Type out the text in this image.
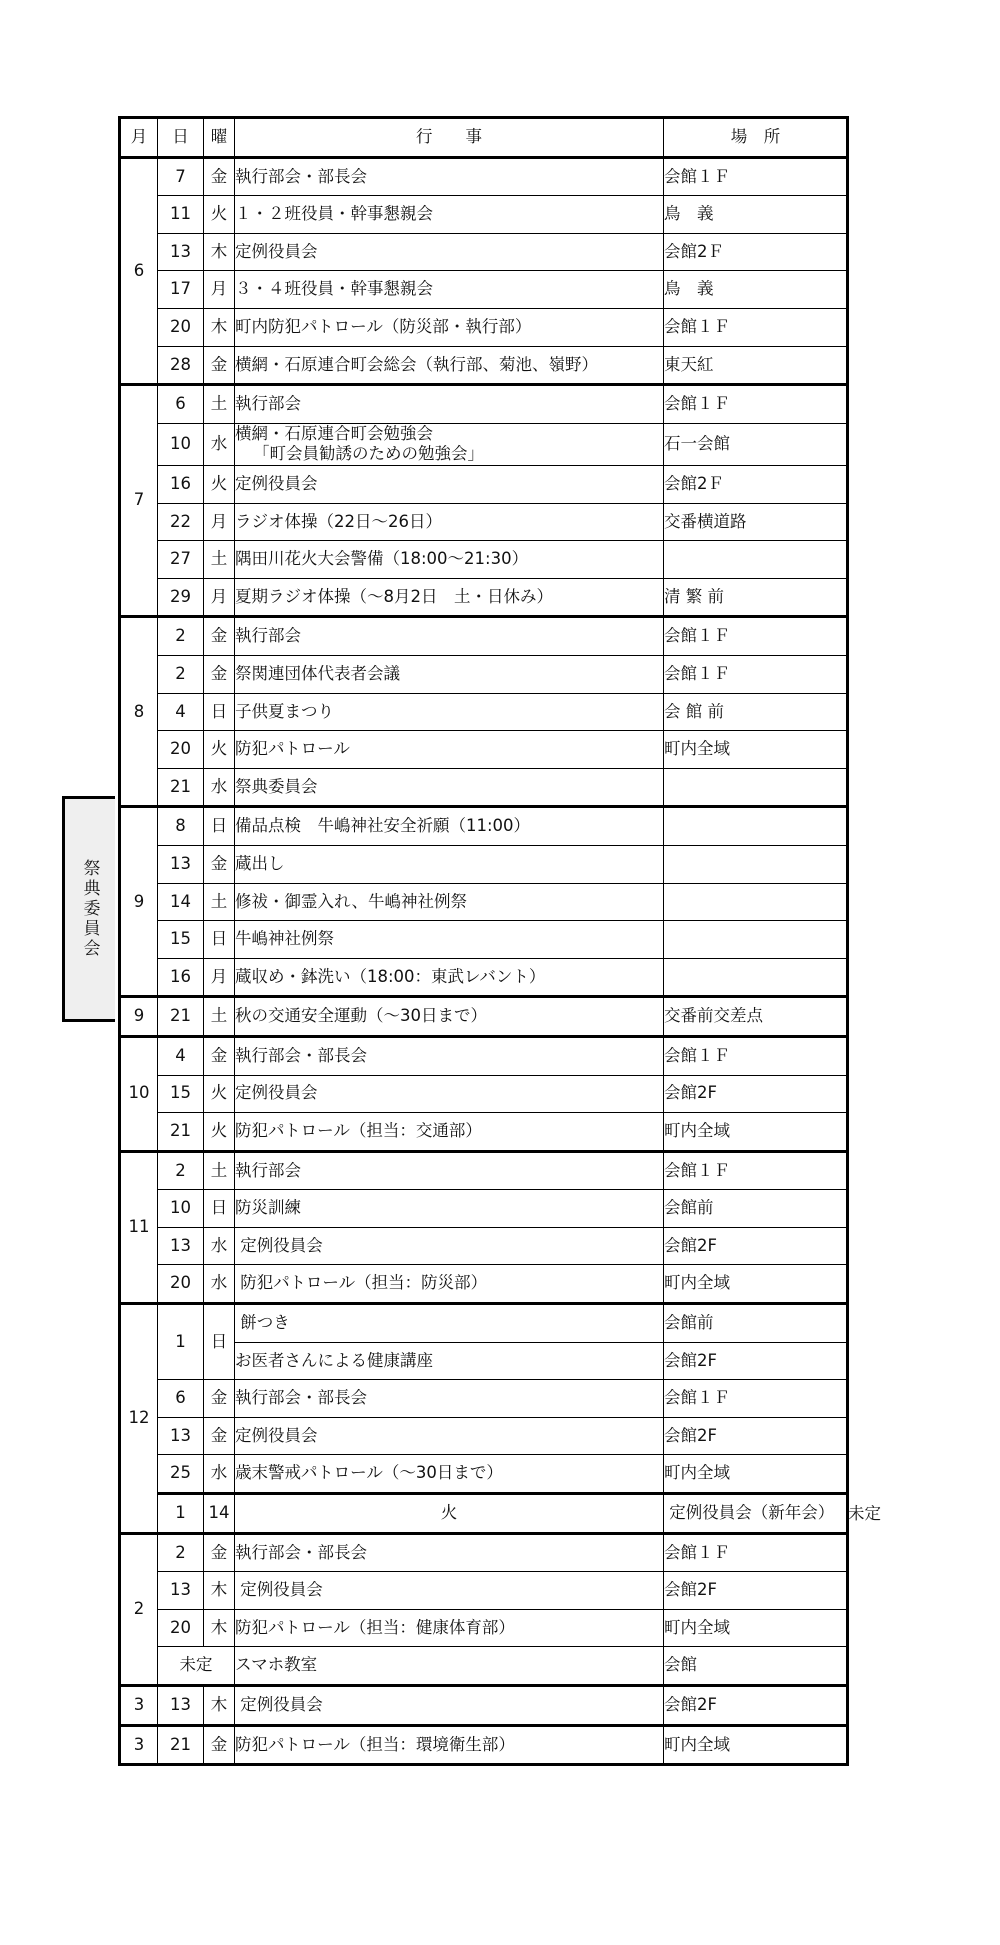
月	日	曜	行　　事	場　所	
6	7	金	執行部会・部長会	会館１Ｆ	
	11	火	１・２班役員・幹事懇親会	鳥　義	
	13	木	定例役員会	会館2Ｆ	
	17	月	３・４班役員・幹事懇親会	鳥　義	
	20	木	町内防犯パトロール（防災部・執行部）	会館１Ｆ	
	28	金	横網・石原連合町会総会（執行部、菊池、嶺野）	東天紅	
7	6	土	執行部会	会館１Ｆ	
	10	水	横網・石原連合町会勉強会
「町会員勧誘のための勉強会」	石一会館	
	16	火	定例役員会	会館2Ｆ	
	22	月	ラジオ体操（22日～26日）	交番横道路	
	27	土	隅田川花火大会警備（18:00～21:30）		
	29	月	夏期ラジオ体操（～8月2日　土・日休み）	清 繁 前	
8	2	金	執行部会	会館１Ｆ	
	2	金	祭関連団体代表者会議	会館１Ｆ	
	4	日	子供夏まつり	会 館 前	
	20	火	防犯パトロール	町内全域	
	21	水	祭典委員会		
9	8	日	備品点検　牛嶋神社安全祈願（11:00）		
	13	金	蔵出し		
	14	土	修祓・御霊入れ、牛嶋神社例祭		
	15	日	牛嶋神社例祭		
	16	月	蔵収め・鉢洗い（18:00：東武レバント）		
9	21	土	秋の交通安全運動（～30日まで）	交番前交差点	
10	4	金	執行部会・部長会	会館１Ｆ	
	15	火	定例役員会	会館2F	
	21	火	防犯パトロール（担当：交通部）	町内全域	
11	2	土	執行部会	会館１Ｆ	
	10	日	防災訓練	会館前	
	13	水	定例役員会	会館2F	
	20	水	防犯パトロール（担当：防災部）	町内全域	
12	1	日	餅つき	会館前	
			お医者さんによる健康講座	会館2F	
	6	金	執行部会・部長会	会館１Ｆ	
	13	金	定例役員会	会館2F	
	25	水	歳末警戒パトロール（～30日まで）	町内全域	
	1	14	火	定例役員会（新年会）	未定
2	2	金	執行部会・部長会	会館１Ｆ	
	13	木	定例役員会	会館2F	
	20	木	防犯パトロール（担当：健康体育部）	町内全域	
	未定		スマホ教室	会館	
3	13	木	定例役員会	会館2F	
3	21	金	防犯パトロール（担当：環境衛生部）	町内全域	
祭典委員会
